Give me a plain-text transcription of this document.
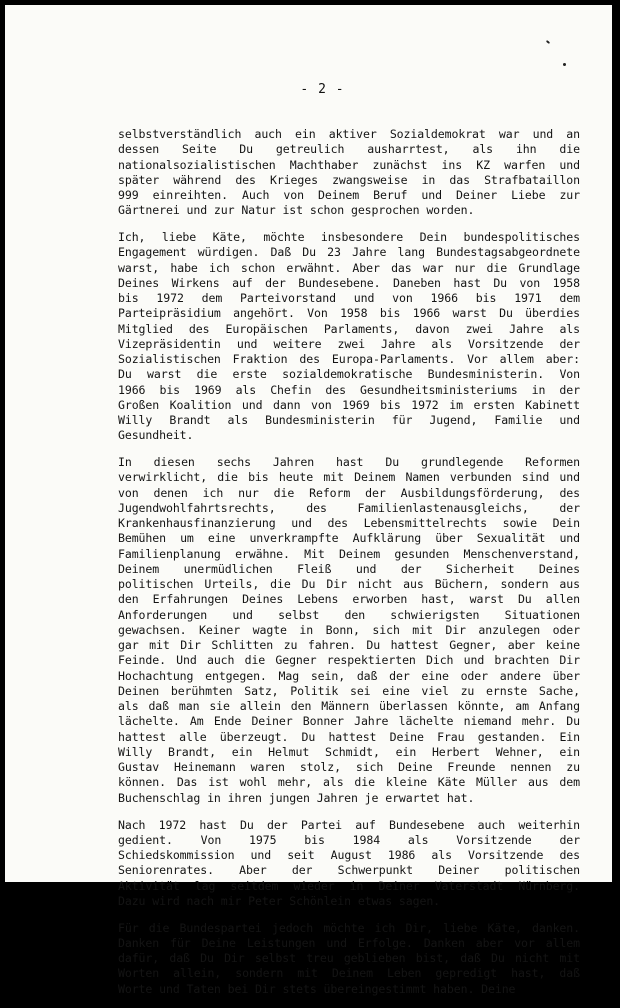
- 2 -
selbstverständlich auch ein aktiver Sozialdemokrat war und an
dessen Seite Du getreulich ausharrtest, als ihn die
nationalsozialistischen Machthaber zunächst ins KZ warfen und
später während des Krieges zwangsweise in das Strafbataillon
999 einreihten. Auch von Deinem Beruf und Deiner Liebe zur
Gärtnerei und zur Natur ist schon gesprochen worden.
Ich, liebe Käte, möchte insbesondere Dein bundespolitisches
Engagement würdigen. Daß Du 23 Jahre lang Bundestagsabgeordnete
warst, habe ich schon erwähnt. Aber das war nur die Grundlage
Deines Wirkens auf der Bundesebene. Daneben hast Du von 1958
bis 1972 dem Parteivorstand und von 1966 bis 1971 dem
Parteipräsidium angehört. Von 1958 bis 1966 warst Du überdies
Mitglied des Europäischen Parlaments, davon zwei Jahre als
Vizepräsidentin und weitere zwei Jahre als Vorsitzende der
Sozialistischen Fraktion des Europa-Parlaments. Vor allem aber:
Du warst die erste sozialdemokratische Bundesministerin. Von
1966 bis 1969 als Chefin des Gesundheitsministeriums in der
Großen Koalition und dann von 1969 bis 1972 im ersten Kabinett
Willy Brandt als Bundesministerin für Jugend, Familie und
Gesundheit.
In diesen sechs Jahren hast Du grundlegende Reformen
verwirklicht, die bis heute mit Deinem Namen verbunden sind und
von denen ich nur die Reform der Ausbildungsförderung, des
Jugendwohlfahrtsrechts, des Familienlastenausgleichs, der
Krankenhausfinanzierung und des Lebensmittelrechts sowie Dein
Bemühen um eine unverkrampfte Aufklärung über Sexualität und
Familienplanung erwähne. Mit Deinem gesunden Menschenverstand,
Deinem unermüdlichen Fleiß und der Sicherheit Deines
politischen Urteils, die Du Dir nicht aus Büchern, sondern aus
den Erfahrungen Deines Lebens erworben hast, warst Du allen
Anforderungen und selbst den schwierigsten Situationen
gewachsen. Keiner wagte in Bonn, sich mit Dir anzulegen oder
gar mit Dir Schlitten zu fahren. Du hattest Gegner, aber keine
Feinde. Und auch die Gegner respektierten Dich und brachten Dir
Hochachtung entgegen. Mag sein, daß der eine oder andere über
Deinen berühmten Satz, Politik sei eine viel zu ernste Sache,
als daß man sie allein den Männern überlassen könnte, am Anfang
lächelte. Am Ende Deiner Bonner Jahre lächelte niemand mehr. Du
hattest alle überzeugt. Du hattest Deine Frau gestanden. Ein
Willy Brandt, ein Helmut Schmidt, ein Herbert Wehner, ein
Gustav Heinemann waren stolz, sich Deine Freunde nennen zu
können. Das ist wohl mehr, als die kleine Käte Müller aus dem
Buchenschlag in ihren jungen Jahren je erwartet hat.
Nach 1972 hast Du der Partei auf Bundesebene auch weiterhin
gedient. Von 1975 bis 1984 als Vorsitzende der
Schiedskommission und seit August 1986 als Vorsitzende des
Seniorenrates. Aber der Schwerpunkt Deiner politischen
Aktivität lag seitdem wieder in Deiner Vaterstadt Nürnberg.
Dazu wird nach mir Peter Schönlein etwas sagen.
Für die Bundespartei jedoch möchte ich Dir, liebe Käte, danken.
Danken für Deine Leistungen und Erfolge. Danken aber vor allem
dafür, daß Du Dir selbst treu geblieben bist, daß Du nicht mit
Worten allein, sondern mit Deinem Leben gepredigt hast, daß
Worte und Taten bei Dir stets übereingestimmt haben. Deine
